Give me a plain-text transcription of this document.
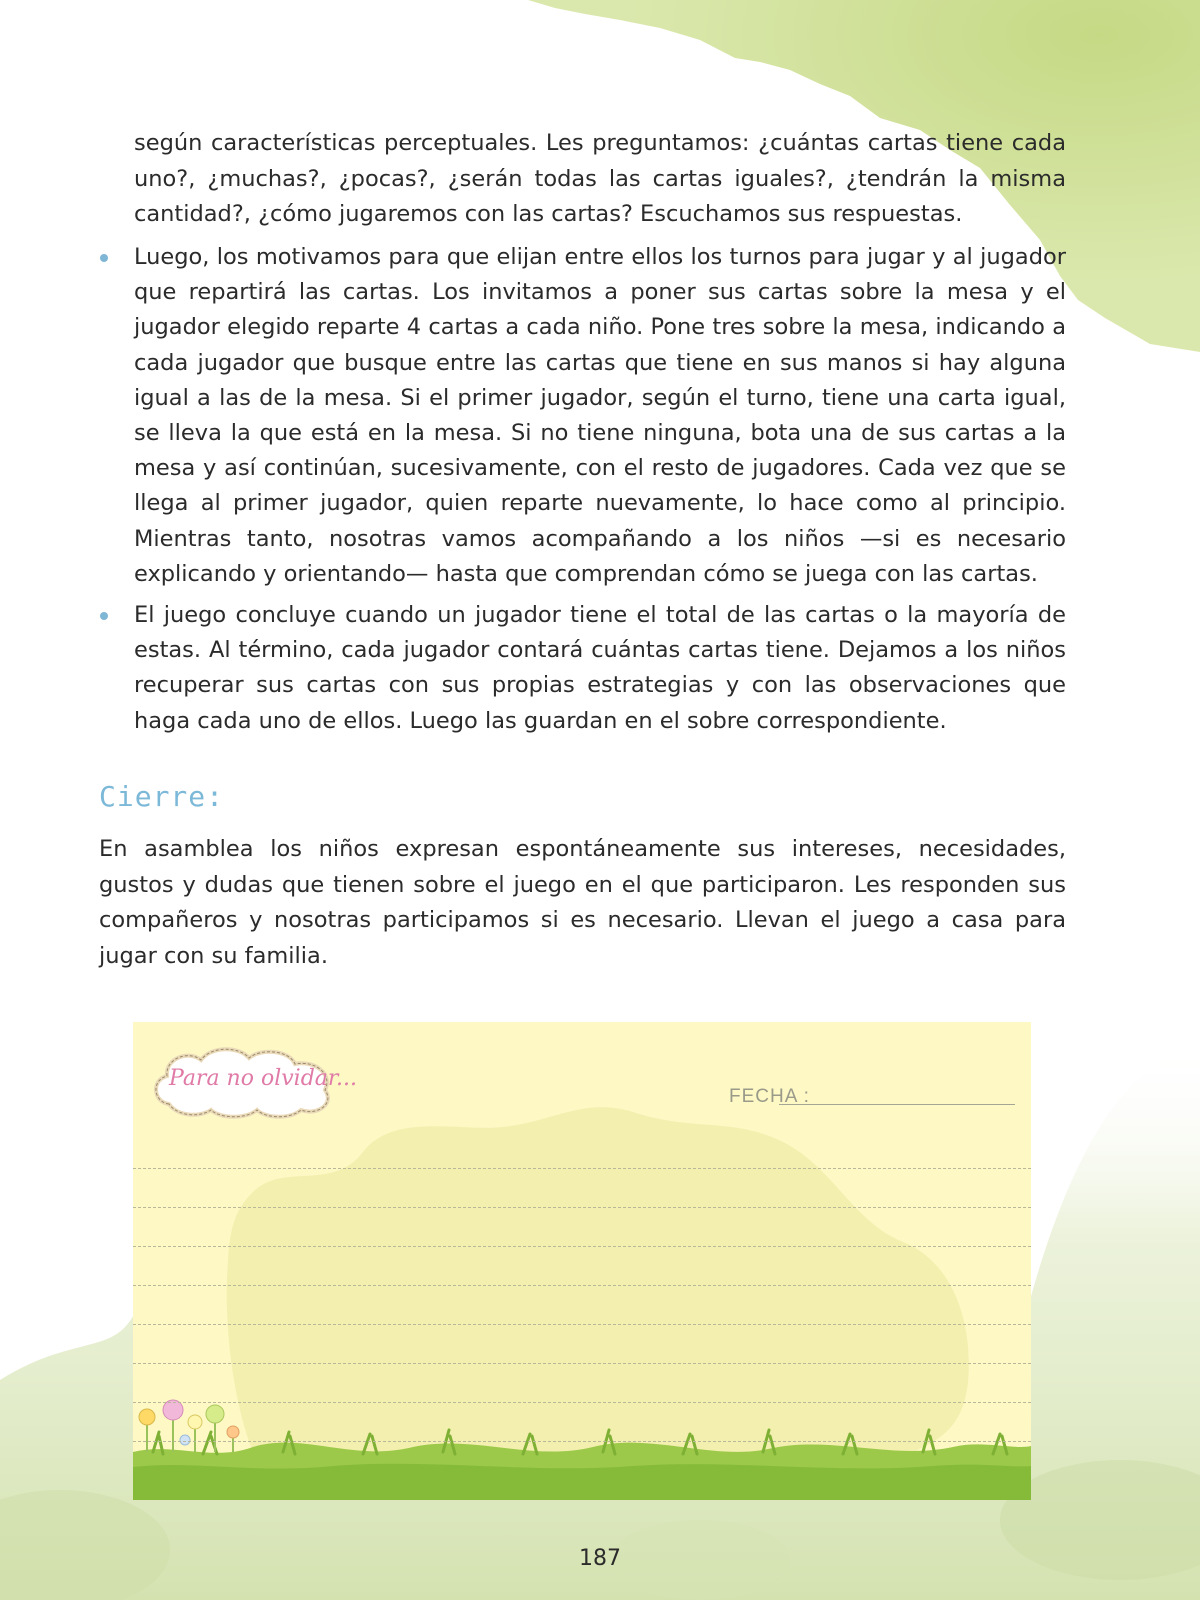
según características perceptuales. Les preguntamos: ¿cuántas cartas tiene cada uno?, ¿muchas?, ¿pocas?, ¿serán todas las cartas iguales?, ¿tendrán la misma cantidad?, ¿cómo jugaremos con las cartas? Escuchamos sus respuestas.

Luego, los motivamos para que elijan entre ellos los turnos para jugar y al jugador que repartirá las cartas. Los invitamos a poner sus cartas sobre la mesa y el jugador elegido reparte 4 cartas a cada niño. Pone tres sobre la mesa, indicando a cada jugador que busque entre las cartas que tiene en sus manos si hay alguna igual a las de la mesa. Si el primer jugador, según el turno, tiene una carta igual, se lleva la que está en la mesa. Si no tiene ninguna, bota una de sus cartas a la mesa y así continúan, sucesivamente, con el resto de jugadores. Cada vez que se llega al primer jugador, quien reparte nuevamente, lo hace como al principio. Mientras tanto, nosotras vamos acompañando a los niños —si es necesario explicando y orientando— hasta que comprendan cómo se juega con las cartas.
El juego concluye cuando un jugador tiene el total de las cartas o la mayoría de estas. Al término, cada jugador contará cuántas cartas tiene. Dejamos a los niños recuperar sus cartas con sus propias estrategias y con las observaciones que haga cada uno de ellos. Luego las guardan en el sobre correspondiente.
Cierre:

En asamblea los niños expresan espontáneamente sus intereses, necesidades, gustos y dudas que tienen sobre el juego en el que participaron. Les responden sus compañeros y nosotras participamos si es necesario. Llevan el juego a casa para jugar con su familia.

Para no olvidar...
FECHA :
187
